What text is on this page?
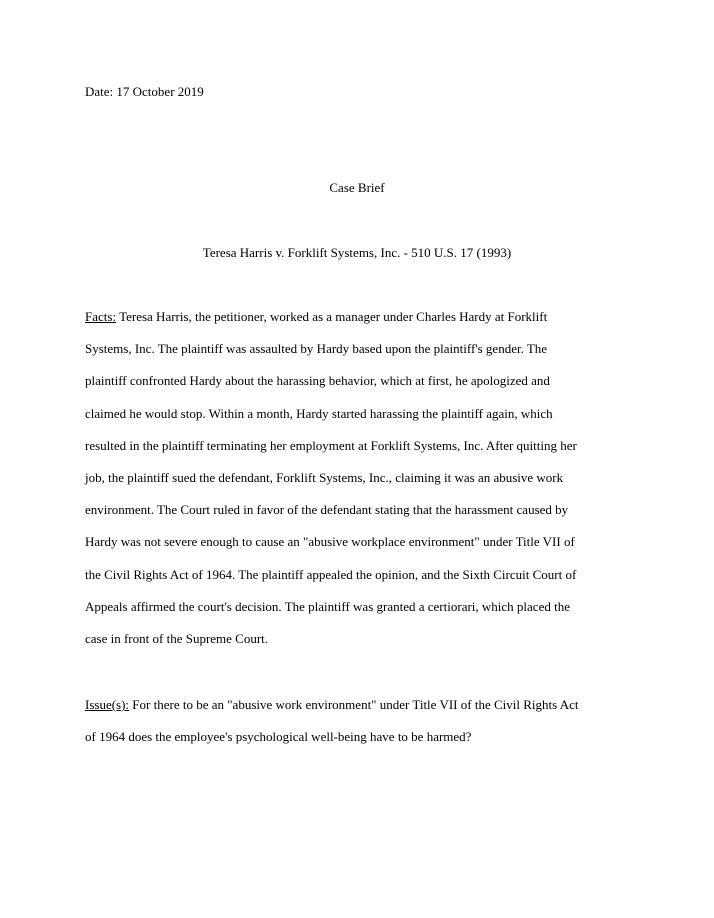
Date: 17 October 2019
Case Brief
Teresa Harris v. Forklift Systems, Inc. - 510 U.S. 17 (1993)
Facts: Teresa Harris, the petitioner, worked as a manager under Charles Hardy at Forklift
Systems, Inc. The plaintiff was assaulted by Hardy based upon the plaintiff's gender. The
plaintiff confronted Hardy about the harassing behavior, which at first, he apologized and
claimed he would stop. Within a month, Hardy started harassing the plaintiff again, which
resulted in the plaintiff terminating her employment at Forklift Systems, Inc. After quitting her
job, the plaintiff sued the defendant, Forklift Systems, Inc., claiming it was an abusive work
environment. The Court ruled in favor of the defendant stating that the harassment caused by
Hardy was not severe enough to cause an "abusive workplace environment" under Title VII of
the Civil Rights Act of 1964. The plaintiff appealed the opinion, and the Sixth Circuit Court of
Appeals affirmed the court's decision. The plaintiff was granted a certiorari, which placed the
case in front of the Supreme Court.
Issue(s): For there to be an "abusive work environment" under Title VII of the Civil Rights Act
of 1964 does the employee's psychological well-being have to be harmed?
